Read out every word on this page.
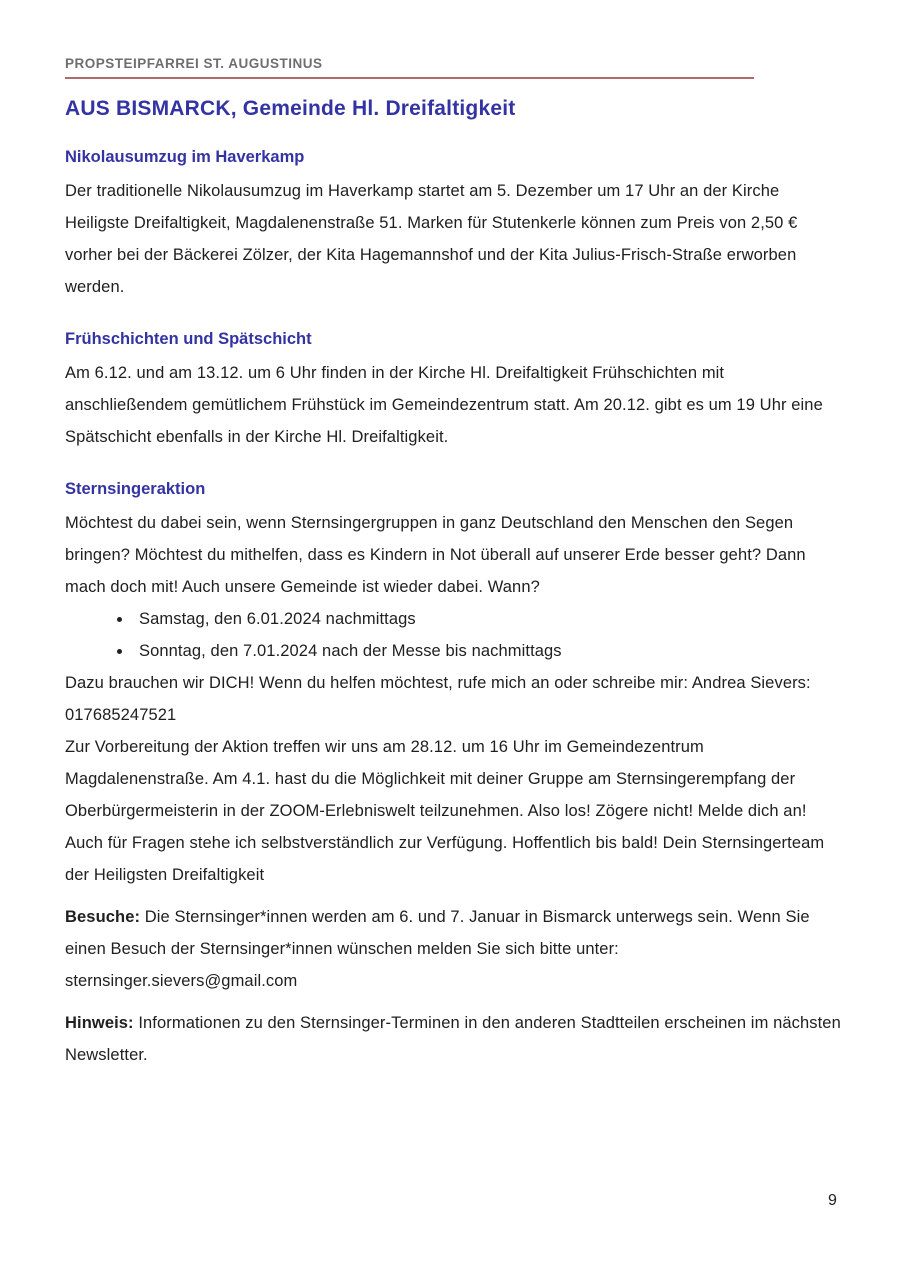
PROPSTEIPFARREI ST. AUGUSTINUS
AUS BISMARCK, Gemeinde Hl. Dreifaltigkeit
Nikolausumzug im Haverkamp

Der traditionelle Nikolausumzug im Haverkamp startet am 5. Dezember um 17 Uhr an der Kirche Heiligste Dreifaltigkeit, Magdalenenstraße 51. Marken für Stutenkerle können zum Preis von 2,50 € vorher bei der Bäckerei Zölzer, der Kita Hagemannshof und der Kita Julius-Frisch-Straße erworben werden.

Frühschichten und Spätschicht

Am 6.12. und am 13.12. um 6 Uhr finden in der Kirche Hl. Dreifaltigkeit Frühschichten mit anschließendem gemütlichem Frühstück im Gemeindezentrum statt. Am 20.12. gibt es um 19 Uhr eine Spätschicht ebenfalls in der Kirche Hl. Dreifaltigkeit.

Sternsingeraktion

Möchtest du dabei sein, wenn Sternsingergruppen in ganz Deutschland den Menschen den Segen bringen? Möchtest du mithelfen, dass es Kindern in Not überall auf unserer Erde besser geht? Dann mach doch mit! Auch unsere Gemeinde ist wieder dabei. Wann?

• Samstag, den 6.01.2024 nachmittags
• Sonntag, den 7.01.2024 nach der Messe bis nachmittags

Dazu brauchen wir DICH! Wenn du helfen möchtest, rufe mich an oder schreibe mir: Andrea Sievers: 017685247521

Zur Vorbereitung der Aktion treffen wir uns am 28.12. um 16 Uhr im Gemeindezentrum Magdalenenstraße. Am 4.1. hast du die Möglichkeit mit deiner Gruppe am Sternsingerempfang der Oberbürgermeisterin in der ZOOM-Erlebniswelt teilzunehmen. Also los! Zögere nicht! Melde dich an! Auch für Fragen stehe ich selbstverständlich zur Verfügung. Hoffentlich bis bald! Dein Sternsingerteam der Heiligsten Dreifaltigkeit

Besuche: Die Sternsinger*innen werden am 6. und 7. Januar in Bismarck unterwegs sein. Wenn Sie einen Besuch der Sternsinger*innen wünschen melden Sie sich bitte unter: sternsinger.sievers@gmail.com

Hinweis: Informationen zu den Sternsinger-Terminen in den anderen Stadtteilen erscheinen im nächsten Newsletter.

9
